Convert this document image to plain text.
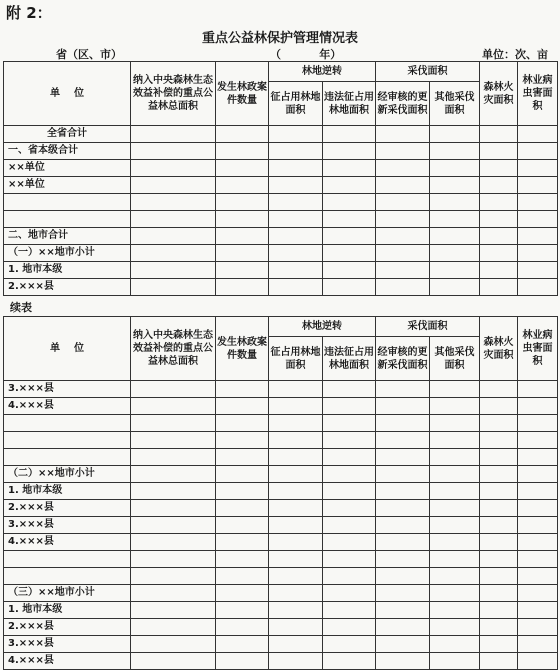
附 2：
重点公益林保护管理情况表
省（区、市）	（          年）	单位：次、亩
单    位	纳入中央森林生态效益补偿的重点公益林总面积	发生林政案件数量	林地逆转		采伐面积		森林火灾面积	林业病虫害面积
			征占用林地面积	违法征占用林地面积	经审核的更新采伐面积	其他采伐面积		
全省合计								
一、省本级合计								
××单位								
××单位								

二、地市合计								
（一）××地市小计								
1. 地市本级								
2.×××县								
续表
单    位	纳入中央森林生态效益补偿的重点公益林总面积	发生林政案件数量	林地逆转		采伐面积		森林火灾面积	林业病虫害面积
			征占用林地面积	违法征占用林地面积	经审核的更新采伐面积	其他采伐面积		
3.×××县								
4.×××县								

（二）××地市小计								
1. 地市本级								
2.×××县								
3.×××县								
4.×××县								

（三）××地市小计								
1. 地市本级								
2.×××县								
3.×××县								
4.×××县								
